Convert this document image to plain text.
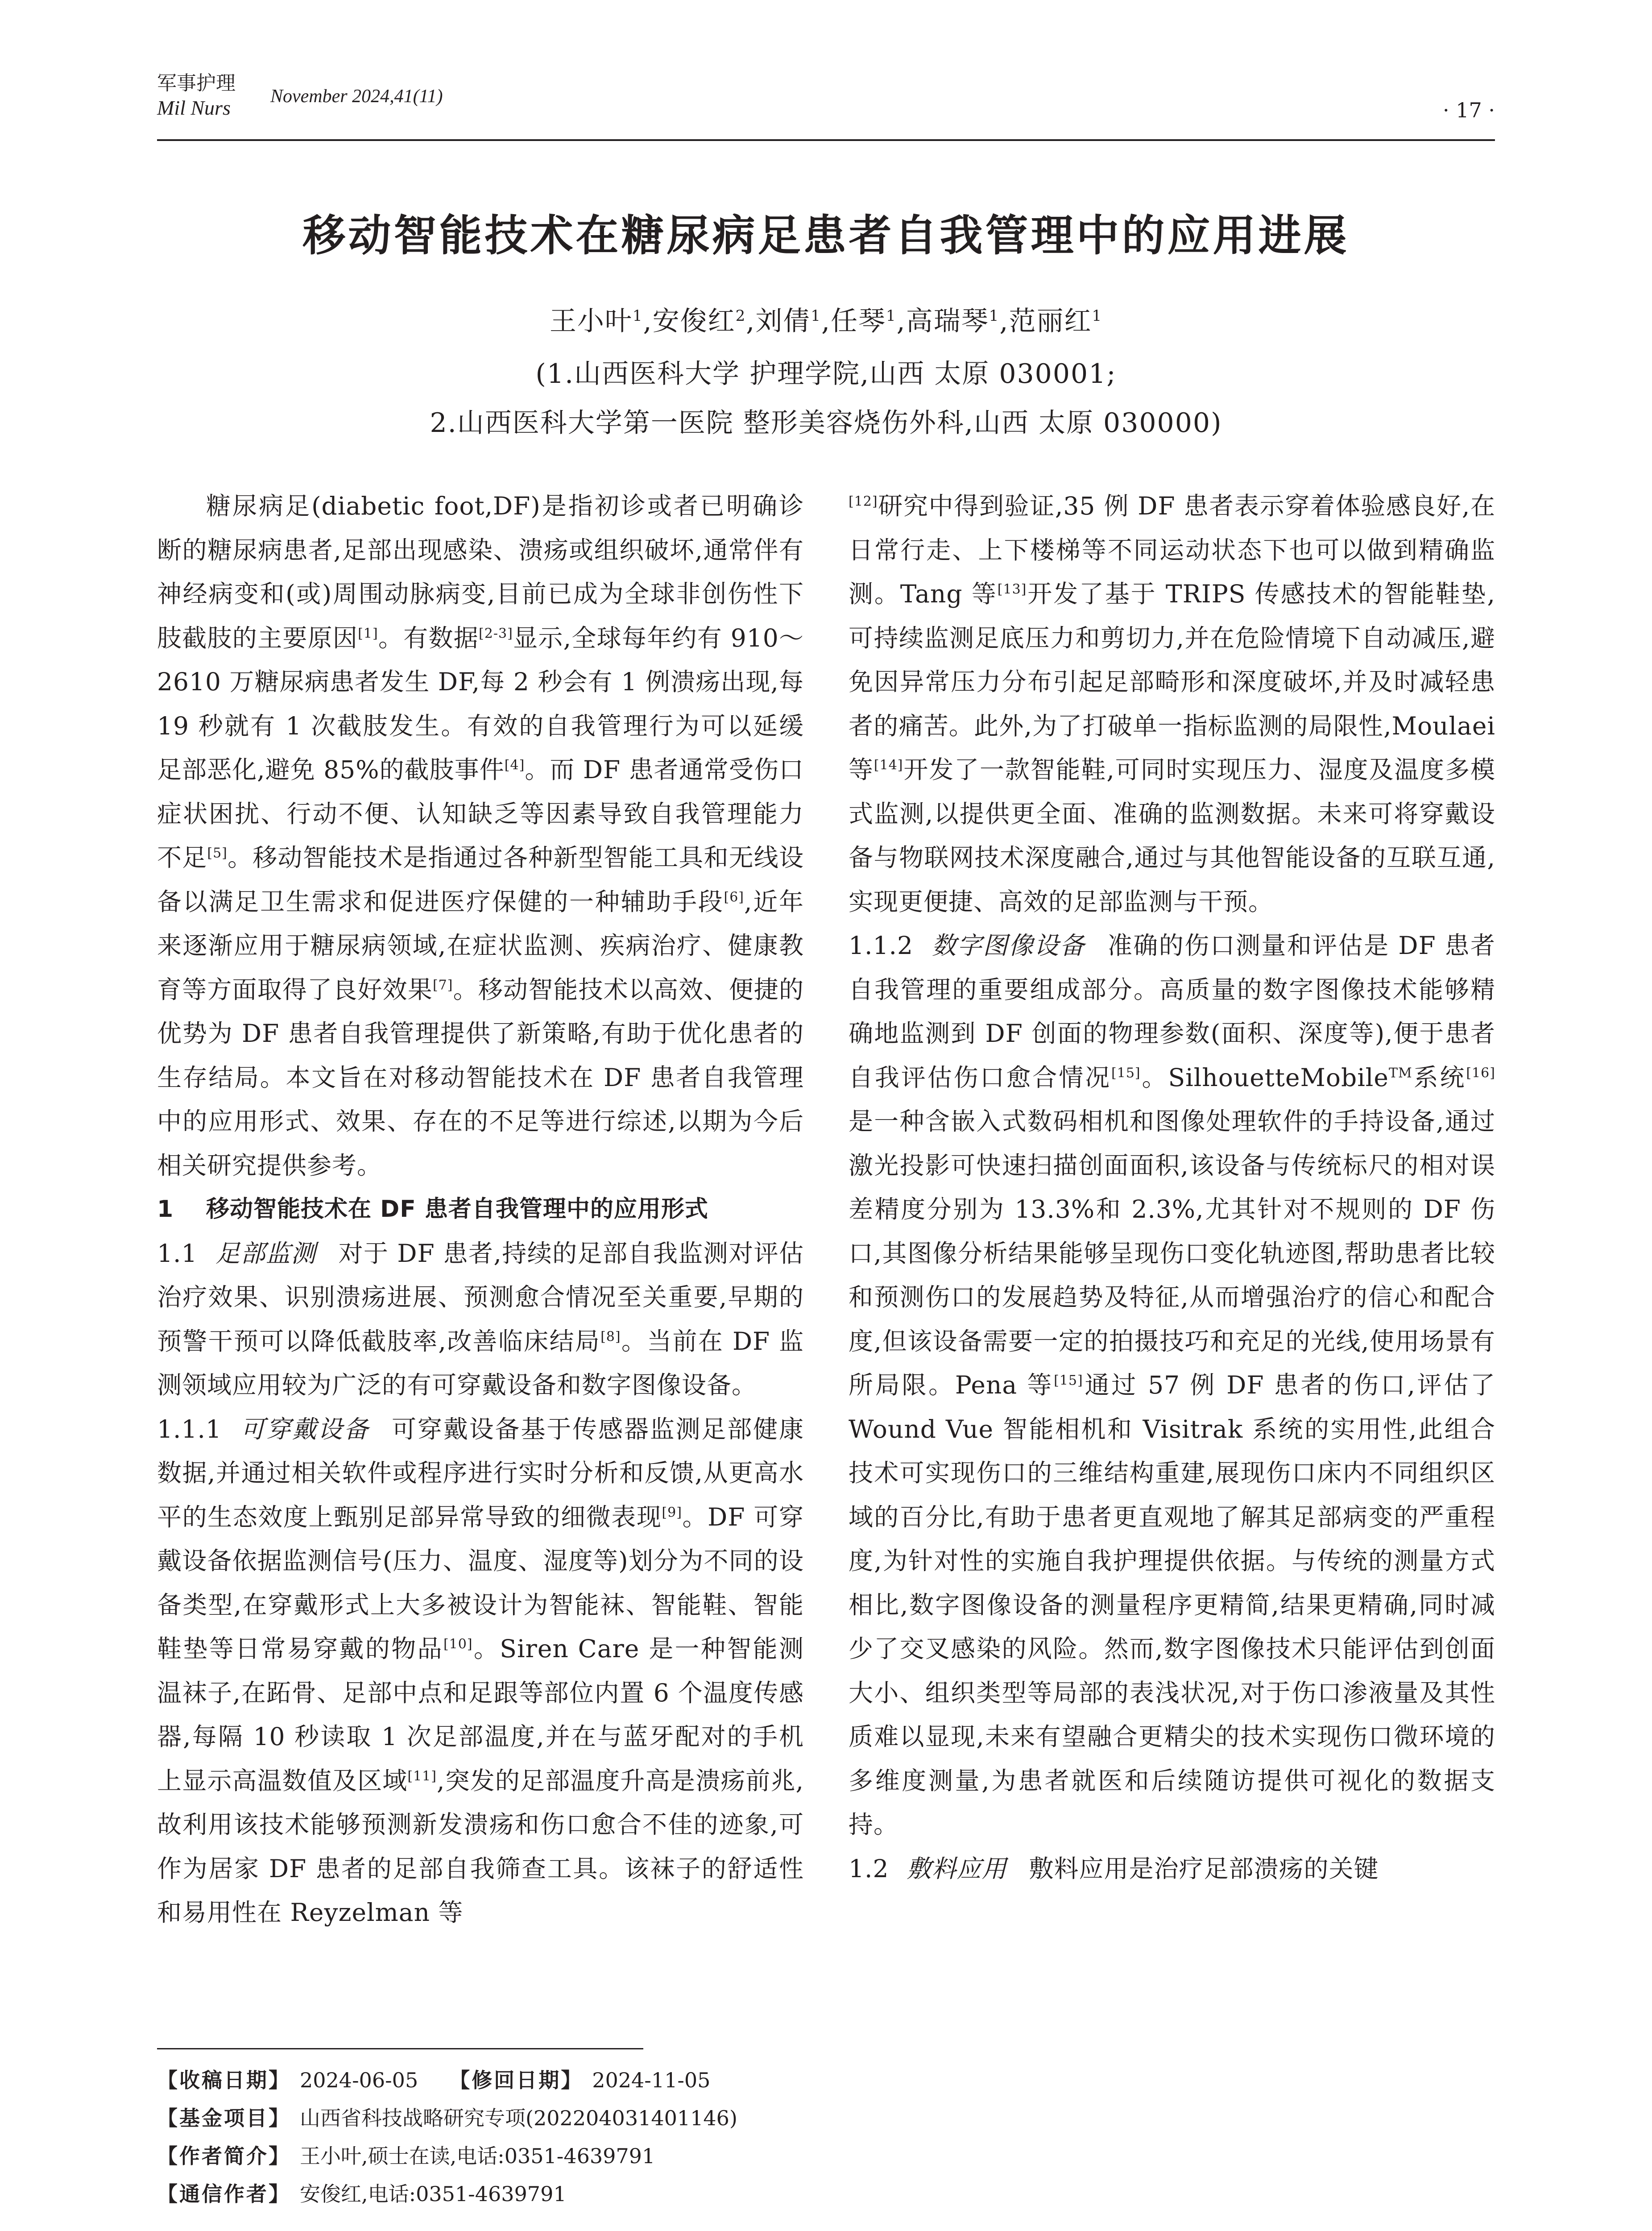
军事护理
Mil Nurs November 2024,41(11)
· 17 ·
移动智能技术在糖尿病足患者自我管理中的应用进展
王小叶$^1$,安俊红$^2$,刘倩$^1$,任琴$^1$,高瑞琴$^1$,范丽红$^1$
(1.山西医科大学 护理学院,山西 太原 030001;
2.山西医科大学第一医院 整形美容烧伤外科,山西 太原 030000)

糖尿病足(diabetic foot,DF)是指初诊或者已明确诊断的糖尿病患者,足部出现感染、溃疡或组织破坏,通常伴有神经病变和(或)周围动脉病变,目前已成为全球非创伤性下肢截肢的主要原因[1]。有数据[2-3]显示,全球每年约有 910～2610 万糖尿病患者发生 DF,每 2 秒会有 1 例溃疡出现,每 19 秒就有 1 次截肢发生。有效的自我管理行为可以延缓足部恶化,避免 85%的截肢事件[4]。而 DF 患者通常受伤口症状困扰、行动不便、认知缺乏等因素导致自我管理能力不足[5]。移动智能技术是指通过各种新型智能工具和无线设备以满足卫生需求和促进医疗保健的一种辅助手段[6],近年来逐渐应用于糖尿病领域,在症状监测、疾病治疗、健康教育等方面取得了良好效果[7]。移动智能技术以高效、便捷的优势为 DF 患者自我管理提供了新策略,有助于优化患者的生存结局。本文旨在对移动智能技术在 DF 患者自我管理中的应用形式、效果、存在的不足等进行综述,以期为今后相关研究提供参考。

1 移动智能技术在 DF 患者自我管理中的应用形式

1.1 足部监测 对于 DF 患者,持续的足部自我监测对评估治疗效果、识别溃疡进展、预测愈合情况至关重要,早期的预警干预可以降低截肢率,改善临床结局[8]。当前在 DF 监测领域应用较为广泛的有可穿戴设备和数字图像设备。

1.1.1 可穿戴设备 可穿戴设备基于传感器监测足部健康数据,并通过相关软件或程序进行实时分析和反馈,从更高水平的生态效度上甄别足部异常导致的细微表现[9]。DF 可穿戴设备依据监测信号(压力、温度、湿度等)划分为不同的设备类型,在穿戴形式上大多被设计为智能袜、智能鞋、智能鞋垫等日常易穿戴的物品[10]。Siren Care 是一种智能测温袜子,在跖骨、足部中点和足跟等部位内置 6 个温度传感器,每隔 10 秒读取 1 次足部温度,并在与蓝牙配对的手机上显示高温数值及区域[11],突发的足部温度升高是溃疡前兆,故利用该技术能够预测新发溃疡和伤口愈合不佳的迹象,可作为居家 DF 患者的足部自我筛查工具。该袜子的舒适性和易用性在 Reyzelman 等

【收稿日期】 2024-06-05 【修回日期】 2024-11-05
【基金项目】 山西省科技战略研究专项(202204031401146)
【作者简介】 王小叶,硕士在读,电话:0351-4639791
【通信作者】 安俊红,电话:0351-4639791

[12]研究中得到验证,35 例 DF 患者表示穿着体验感良好,在日常行走、上下楼梯等不同运动状态下也可以做到精确监测。Tang 等[13]开发了基于 TRIPS 传感技术的智能鞋垫,可持续监测足底压力和剪切力,并在危险情境下自动减压,避免因异常压力分布引起足部畸形和深度破坏,并及时减轻患者的痛苦。此外,为了打破单一指标监测的局限性,Moulaei 等[14]开发了一款智能鞋,可同时实现压力、湿度及温度多模式监测,以提供更全面、准确的监测数据。未来可将穿戴设备与物联网技术深度融合,通过与其他智能设备的互联互通,实现更便捷、高效的足部监测与干预。

1.1.2 数字图像设备 准确的伤口测量和评估是 DF 患者自我管理的重要组成部分。高质量的数字图像技术能够精确地监测到 DF 创面的物理参数(面积、深度等),便于患者自我评估伤口愈合情况[15]。SilhouetteMobile™系统[16]是一种含嵌入式数码相机和图像处理软件的手持设备,通过激光投影可快速扫描创面面积,该设备与传统标尺的相对误差精度分别为 13.3%和 2.3%,尤其针对不规则的 DF 伤口,其图像分析结果能够呈现伤口变化轨迹图,帮助患者比较和预测伤口的发展趋势及特征,从而增强治疗的信心和配合度,但该设备需要一定的拍摄技巧和充足的光线,使用场景有所局限。Pena 等[15]通过 57 例 DF 患者的伤口,评估了 Wound Vue 智能相机和 Visitrak 系统的实用性,此组合技术可实现伤口的三维结构重建,展现伤口床内不同组织区域的百分比,有助于患者更直观地了解其足部病变的严重程度,为针对性的实施自我护理提供依据。与传统的测量方式相比,数字图像设备的测量程序更精简,结果更精确,同时减少了交叉感染的风险。然而,数字图像技术只能评估到创面大小、组织类型等局部的表浅状况,对于伤口渗液量及其性质难以显现,未来有望融合更精尖的技术实现伤口微环境的多维度测量,为患者就医和后续随访提供可视化的数据支持。

1.2 敷料应用 敷料应用是治疗足部溃疡的关键
